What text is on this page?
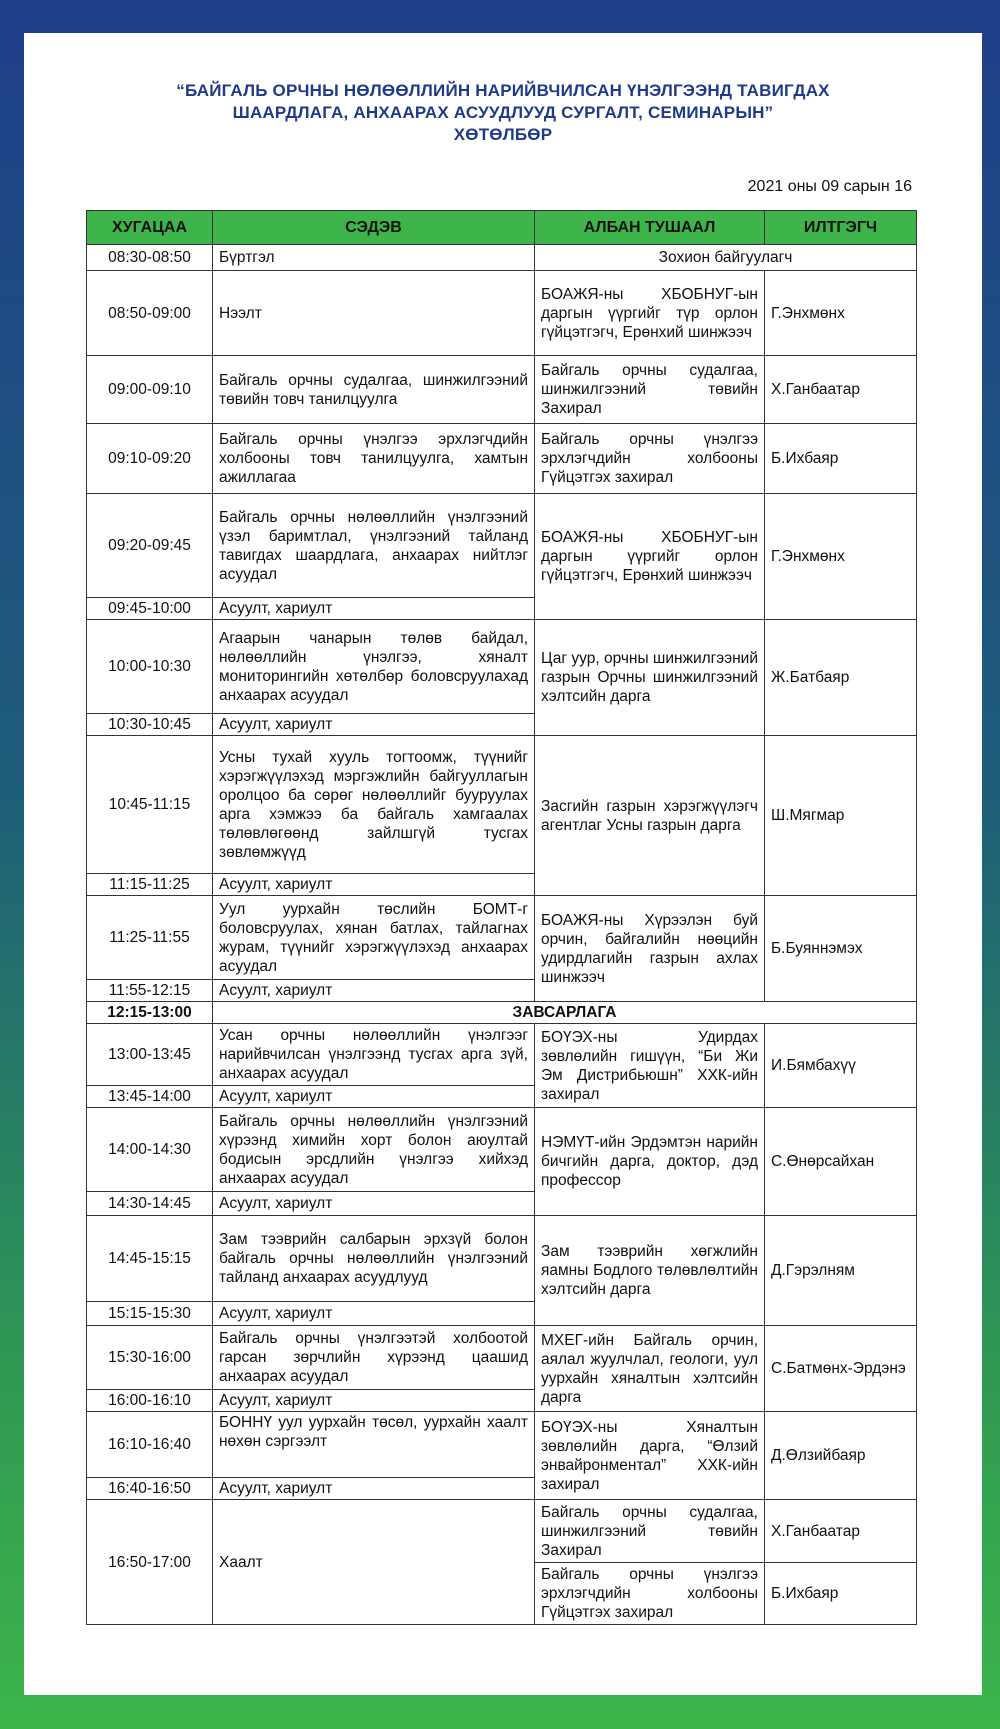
“БАЙГАЛЬ ОРЧНЫ НӨЛӨӨЛЛИЙН НАРИЙВЧИЛСАН ҮНЭЛГЭЭНД ТАВИГДАХ
ШААРДЛАГА, АНХААРАХ АСУУДЛУУД СУРГАЛТ, СЕМИНАРЫН”
ХӨТӨЛБӨР
2021 оны 09 сарын 16
ХУГАЦАА	СЭДЭВ	АЛБАН ТУШААЛ	ИЛТГЭГЧ
08:30-08:50	Бүртгэл	Зохион байгуулагч	
08:50-09:00	Нээлт	БОАЖЯ-ны ХБОБНУГ-ын даргын үүргийг түр орлон гүйцэтгэгч, Ерөнхий шинжээч	Г.Энхмөнх
09:00-09:10	Байгаль орчны судалгаа, шинжилгээний төвийн товч танилцуулга	Байгаль орчны судалгаа, шинжилгээний төвийн Захирал	Х.Ганбаатар
09:10-09:20	Байгаль орчны үнэлгээ эрхлэгчдийн холбооны товч танилцуулга, хамтын ажиллагаа	Байгаль орчны үнэлгээ эрхлэгчдийн холбооны Гүйцэтгэх захирал	Б.Ихбаяр
09:20-09:45	Байгаль орчны нөлөөллийн үнэлгээний үзэл баримтлал, үнэлгээний тайланд тавигдах шаардлага, анхаарах нийтлэг асуудал	БОАЖЯ-ны ХБОБНУГ-ын даргын үүргийг орлон гүйцэтгэгч, Ерөнхий шинжээч	Г.Энхмөнх
09:45-10:00	Асуулт, хариулт		
10:00-10:30	Агаарын чанарын төлөв байдал, нөлөөллийн үнэлгээ, хяналт мониторингийн хөтөлбөр боловсруулахад анхаарах асуудал	Цаг уур, орчны шинжилгээний газрын Орчны шинжилгээний хэлтсийн дарга	Ж.Батбаяр
10:30-10:45	Асуулт, хариулт		
10:45-11:15	Усны тухай хууль тогтоомж, түүнийг хэрэгжүүлэхэд мэргэжлийн байгууллагын оролцоо ба сөрөг нөлөөллийг бууруулах арга хэмжээ ба байгаль хамгаалах төлөвлөгөөнд зайлшгүй тусгах зөвлөмжүүд	Засгийн газрын хэрэгжүүлэгч агентлаг Усны газрын дарга	Ш.Мягмар
11:15-11:25	Асуулт, хариулт		
11:25-11:55	Уул уурхайн төслийн БОМТ-г боловсруулах, хянан батлах, тайлагнах журам, түүнийг хэрэгжүүлэхэд анхаарах асуудал	БОАЖЯ-ны Хүрээлэн буй орчин, байгалийн нөөцийн удирдлагийн газрын ахлах шинжээч	Б.Буяннэмэх
11:55-12:15	Асуулт, хариулт		
12:15-13:00	ЗАВСАРЛАГА		
13:00-13:45	Усан орчны нөлөөллийн үнэлгээг нарийвчилсан үнэлгээнд тусгах арга зүй, анхаарах асуудал	БОҮЭХ-ны Удирдах зөвлөлийн гишүүн, “Би Жи Эм Дистрибьюшн” ХХК-ийн захирал	И.Бямбахүү
13:45-14:00	Асуулт, хариулт		
14:00-14:30	Байгаль орчны нөлөөллийн үнэлгээний хүрээнд химийн хорт болон аюултай бодисын эрсдлийн үнэлгээ хийхэд анхаарах асуудал	НЭМҮТ-ийн Эрдэмтэн нарийн бичгийн дарга, доктор, дэд профессор	С.Өнөрсайхан
14:30-14:45	Асуулт, хариулт		
14:45-15:15	Зам тээврийн салбарын эрхзүй болон байгаль орчны нөлөөллийн үнэлгээний тайланд анхаарах асуудлууд	Зам тээврийн хөгжлийн яамны Бодлого төлөвлөлтийн хэлтсийн дарга	Д.Гэрэлням
15:15-15:30	Асуулт, хариулт		
15:30-16:00	Байгаль орчны үнэлгээтэй холбоотой гарсан зөрчлийн хүрээнд цаашид анхаарах асуудал	МХЕГ-ийн Байгаль орчин, аялал жуулчлал, геологи, уул уурхайн хяналтын хэлтсийн дарга	С.Батмөнх-Эрдэнэ
16:00-16:10	Асуулт, хариулт		
16:10-16:40	БОННҮ уул уурхайн төсөл, уурхайн хаалт нөхөн сэргээлт	БОҮЭХ-ны Хяналтын зөвлөлийн дарга, “Өлзий энвайронментал” ХХК-ийн захирал	Д.Өлзийбаяр
16:40-16:50	Асуулт, хариулт		
16:50-17:00	Хаалт	Байгаль орчны судалгаа, шинжилгээний төвийн Захирал	Х.Ганбаатар
		Байгаль орчны үнэлгээ эрхлэгчдийн холбооны Гүйцэтгэх захирал	Б.Ихбаяр
